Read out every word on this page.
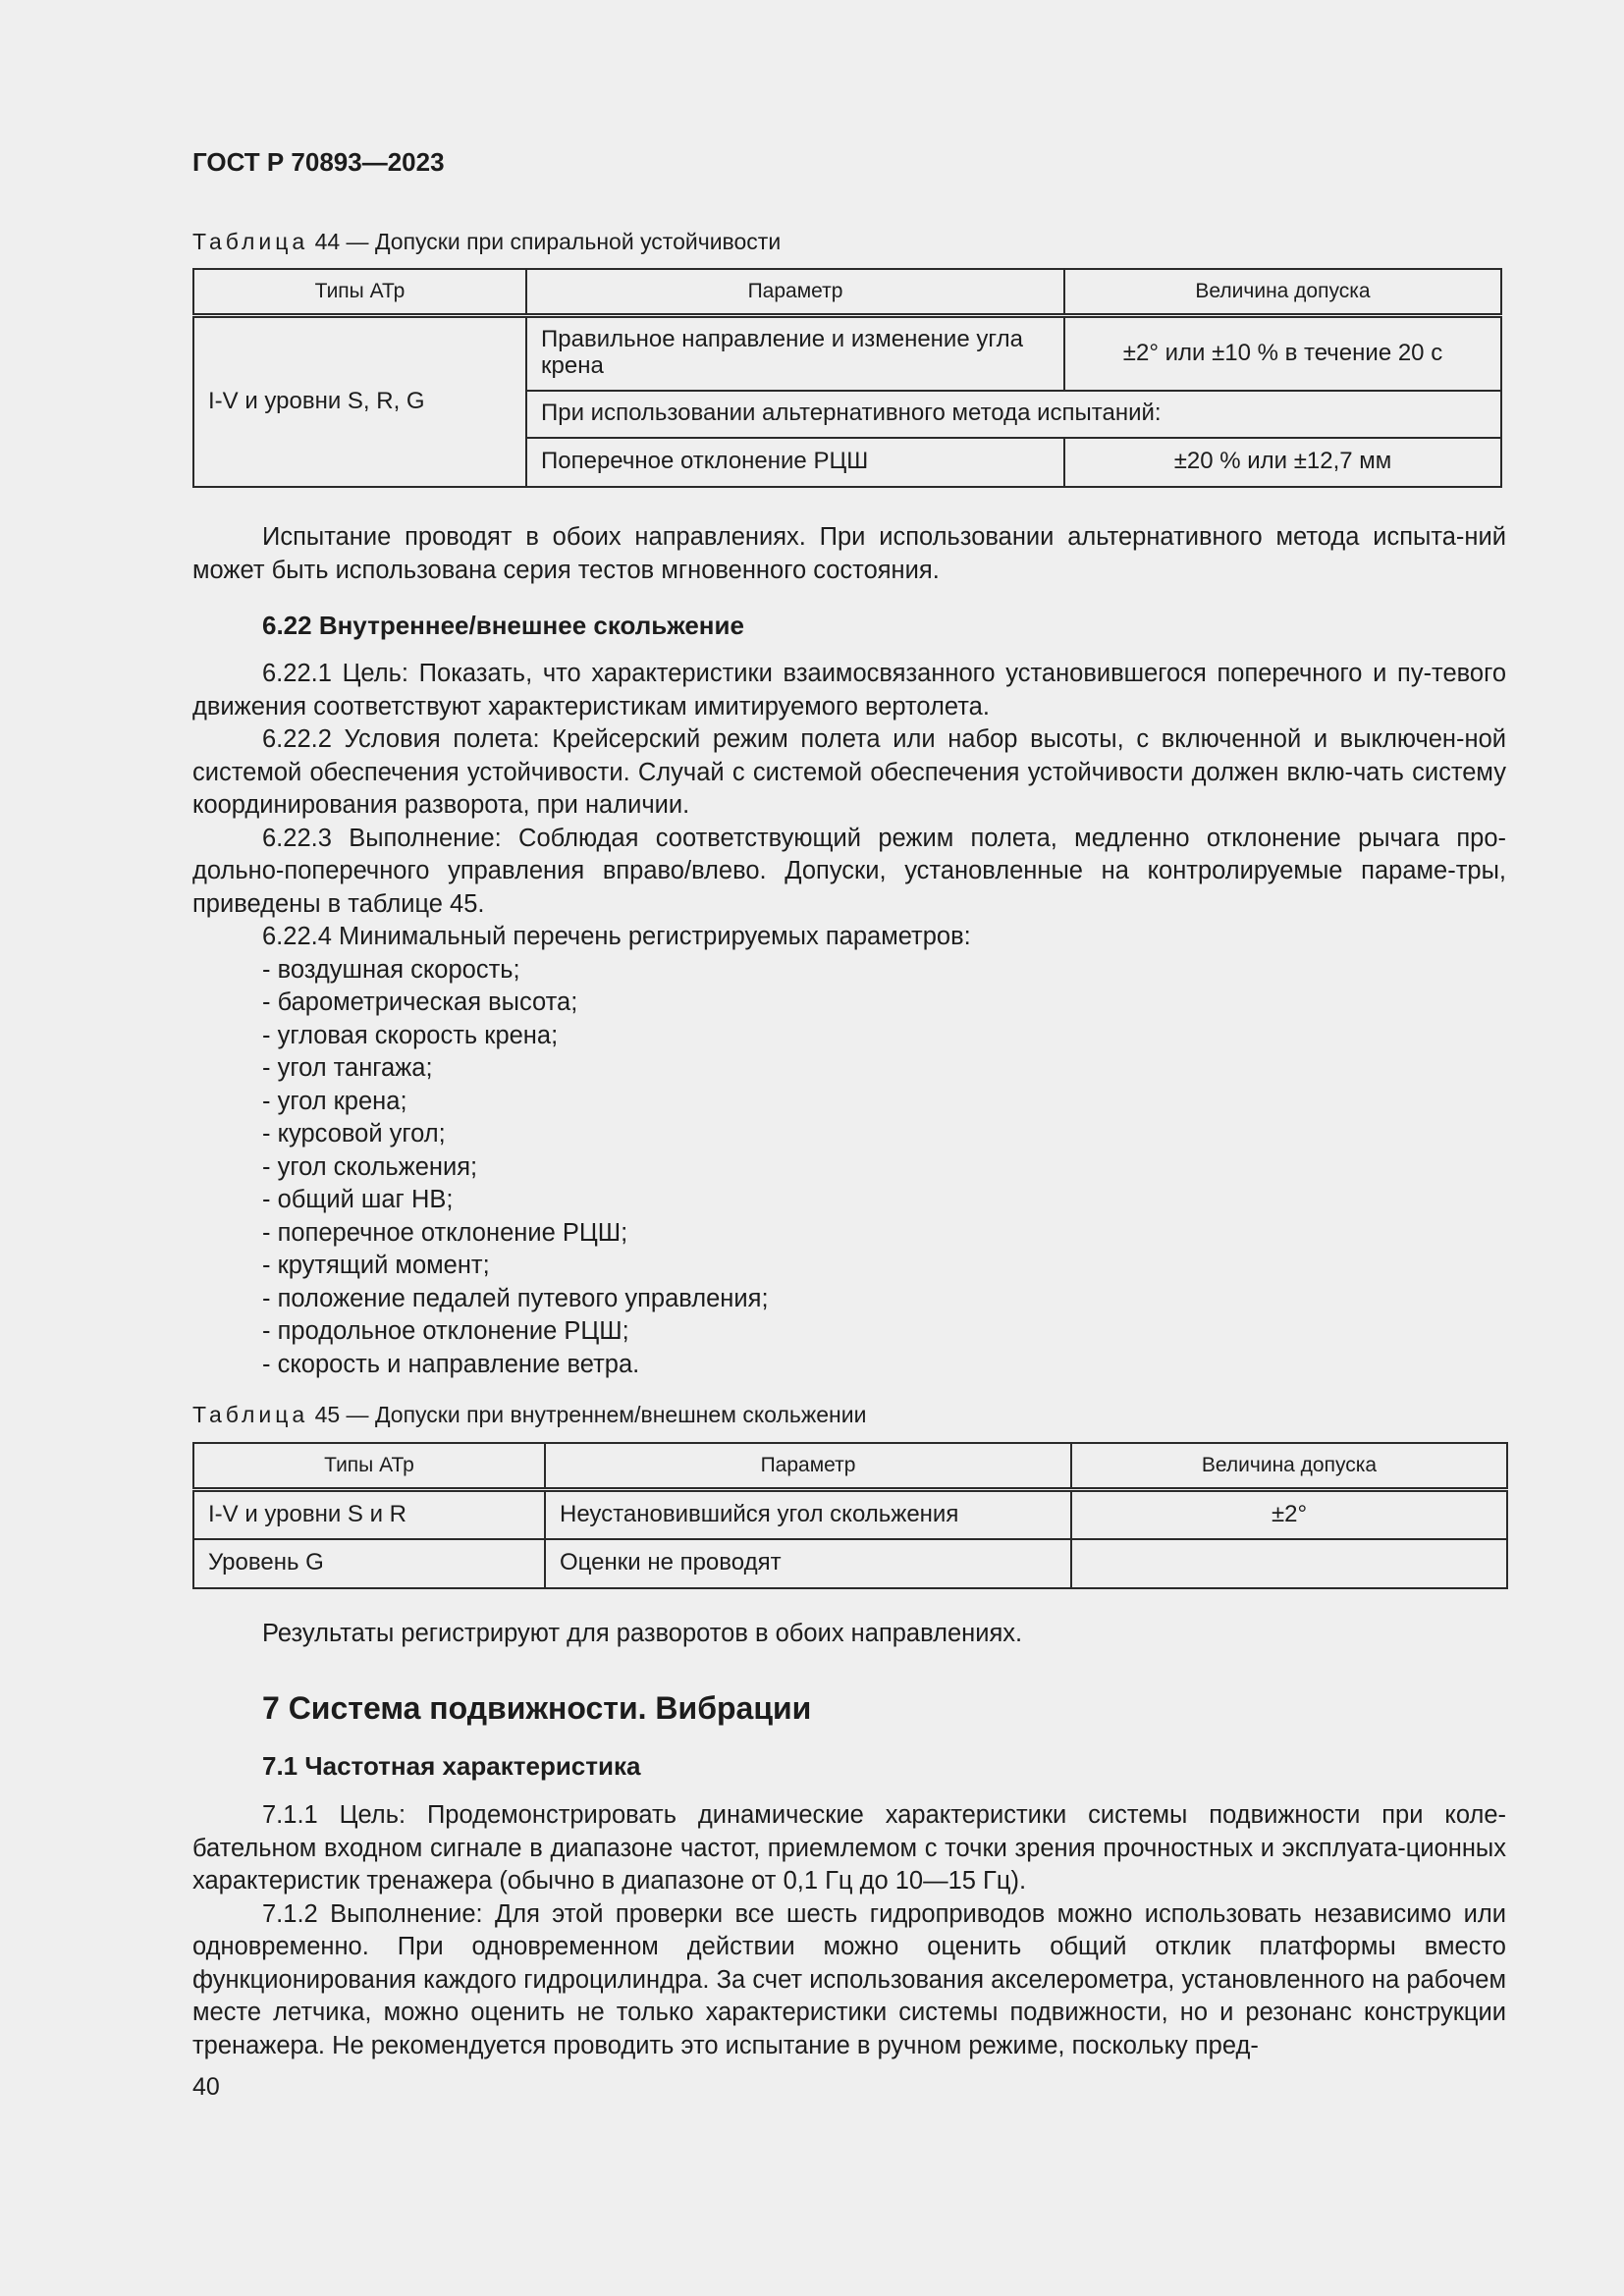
ГОСТ Р 70893—2023
Таблица 44 — Допуски при спиральной устойчивости
Типы АТр	Параметр	Величина допуска
I-V и уровни S, R, G	Правильное направление и изменение угла крена	±2° или ±10 % в течение 20 с
	При использовании альтернативного метода испытаний:	
	Поперечное отклонение РЦШ	±20 % или ±12,7 мм

Испытание проводят в обоих направлениях. При использовании альтернативного метода испыта-ний может быть использована серия тестов мгновенного состояния.

6.22 Внутреннее/внешнее скольжение

6.22.1 Цель: Показать, что характеристики взаимосвязанного установившегося поперечного и пу-тевого движения соответствуют характеристикам имитируемого вертолета.

6.22.2 Условия полета: Крейсерский режим полета или набор высоты, с включенной и выключен-ной системой обеспечения устойчивости. Случай с системой обеспечения устойчивости должен вклю-чать систему координирования разворота, при наличии.

6.22.3 Выполнение: Соблюдая соответствующий режим полета, медленно отклонение рычага про-дольно-поперечного управления вправо/влево. Допуски, установленные на контролируемые параме-тры, приведены в таблице 45.

6.22.4 Минимальный перечень регистрируемых параметров:

- воздушная скорость;
- барометрическая высота;
- угловая скорость крена;
- угол тангажа;
- угол крена;
- курсовой угол;
- угол скольжения;
- общий шаг НВ;
- поперечное отклонение РЦШ;
- крутящий момент;
- положение педалей путевого управления;
- продольное отклонение РЦШ;
- скорость и направление ветра.
Таблица 45 — Допуски при внутреннем/внешнем скольжении
Типы АТр	Параметр	Величина допуска
I-V и уровни S и R	Неустановившийся угол скольжения	±2°
Уровень G	Оценки не проводят	

Результаты регистрируют для разворотов в обоих направлениях.

7 Система подвижности. Вибрации
7.1 Частотная характеристика

7.1.1 Цель: Продемонстрировать динамические характеристики системы подвижности при коле-бательном входном сигнале в диапазоне частот, приемлемом с точки зрения прочностных и эксплуата-ционных характеристик тренажера (обычно в диапазоне от 0,1 Гц до 10—15 Гц).

7.1.2 Выполнение: Для этой проверки все шесть гидроприводов можно использовать независимо или одновременно. При одновременном действии можно оценить общий отклик платформы вместо функционирования каждого гидроцилиндра. За счет использования акселерометра, установленного на рабочем месте летчика, можно оценить не только характеристики системы подвижности, но и резонанс конструкции тренажера. Не рекомендуется проводить это испытание в ручном режиме, поскольку пред-

40
